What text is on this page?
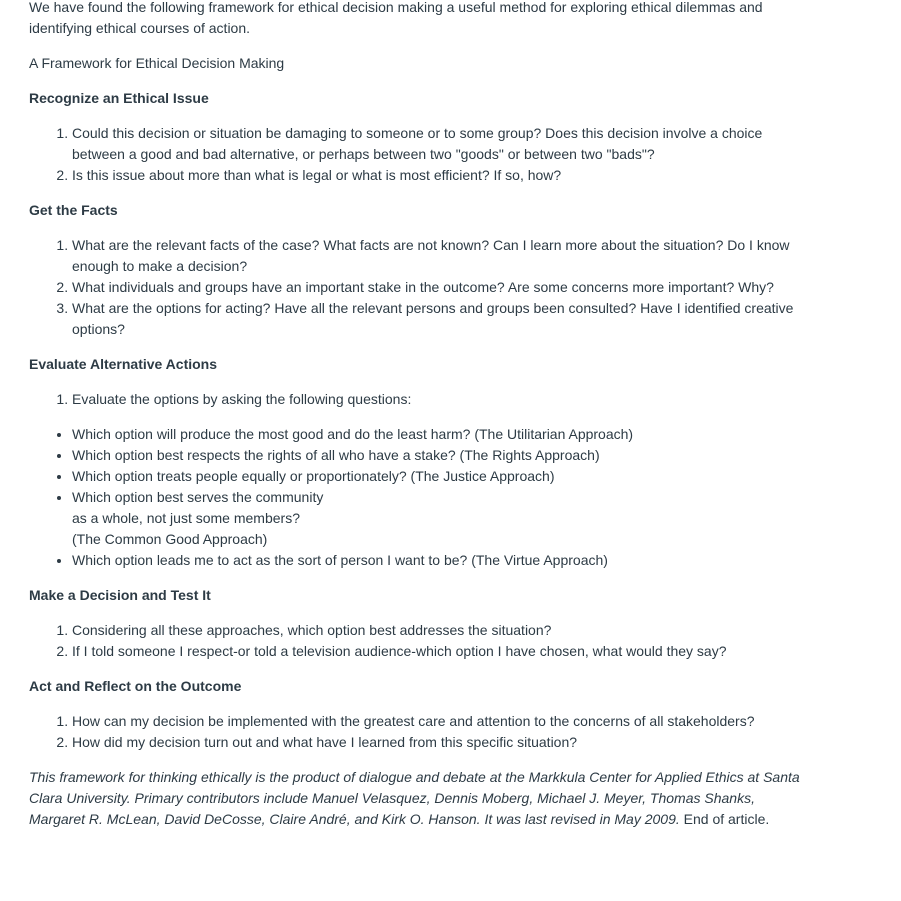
We have found the following framework for ethical decision making a useful method for exploring ethical dilemmas and identifying ethical courses of action.

A Framework for Ethical Decision Making

Recognize an Ethical Issue
1. Could this decision or situation be damaging to someone or to some group? Does this decision involve a choice between a good and bad alternative, or perhaps between two "goods" or between two "bads"?
2. Is this issue about more than what is legal or what is most efficient? If so, how?
Get the Facts
1. What are the relevant facts of the case? What facts are not known? Can I learn more about the situation? Do I know enough to make a decision?
2. What individuals and groups have an important stake in the outcome? Are some concerns more important? Why?
3. What are the options for acting? Have all the relevant persons and groups been consulted? Have I identified creative options?
Evaluate Alternative Actions
1. Evaluate the options by asking the following questions:
• Which option will produce the most good and do the least harm? (The Utilitarian Approach)
• Which option best respects the rights of all who have a stake? (The Rights Approach)
• Which option treats people equally or proportionately? (The Justice Approach)
• Which option best serves the community
as a whole, not just some members?
(The Common Good Approach)
• Which option leads me to act as the sort of person I want to be? (The Virtue Approach)
Make a Decision and Test It
1. Considering all these approaches, which option best addresses the situation?
2. If I told someone I respect-or told a television audience-which option I have chosen, what would they say?
Act and Reflect on the Outcome
1. How can my decision be implemented with the greatest care and attention to the concerns of all stakeholders?
2. How did my decision turn out and what have I learned from this specific situation?

This framework for thinking ethically is the product of dialogue and debate at the Markkula Center for Applied Ethics at Santa Clara University. Primary contributors include Manuel Velasquez, Dennis Moberg, Michael J. Meyer, Thomas Shanks, Margaret R. McLean, David DeCosse, Claire André, and Kirk O. Hanson. It was last revised in May 2009. End of article.
